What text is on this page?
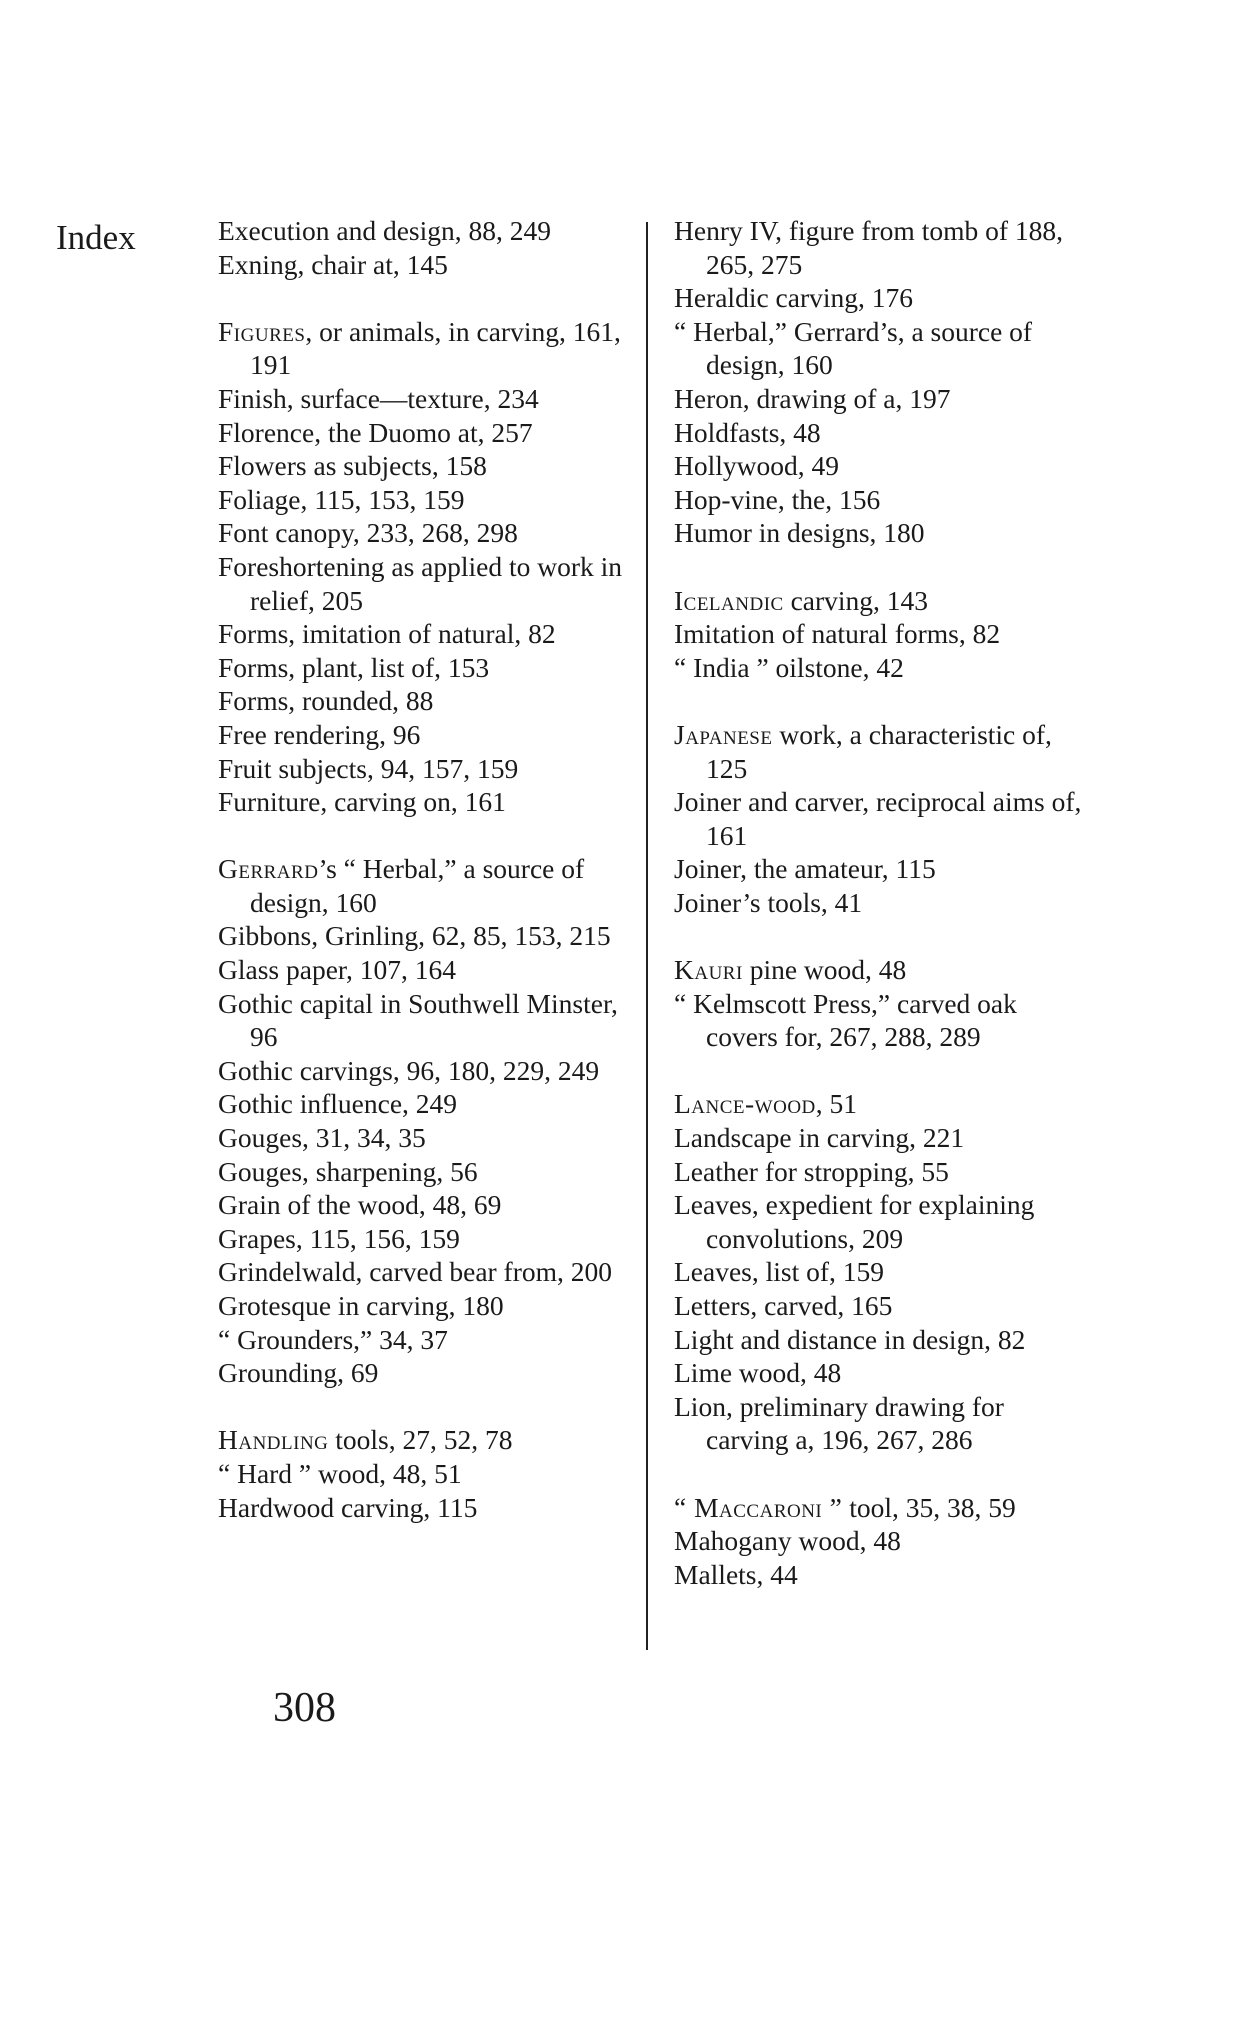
Index	Execution and design, 88, 249

Exning, chair at, 145

Figures, or animals, in carving, 161, 191

Finish, surface—texture, 234

Florence, the Duomo at, 257

Flowers as subjects, 158

Foliage, 115, 153, 159

Font canopy, 233, 268, 298

Foreshortening as applied to work in relief, 205

Forms, imitation of natural, 82

Forms, plant, list of, 153

Forms, rounded, 88

Free rendering, 96

Fruit subjects, 94, 157, 159

Furniture, carving on, 161

Gerrard’s “ Herbal,” a source of design, 160

Gibbons, Grinling, 62, 85, 153, 215

Glass paper, 107, 164

Gothic capital in Southwell Minster, 96

Gothic carvings, 96, 180, 229, 249

Gothic influence, 249

Gouges, 31, 34, 35

Gouges, sharpening, 56

Grain of the wood, 48, 69

Grapes, 115, 156, 159

Grindelwald, carved bear from, 200

Grotesque in carving, 180

“ Grounders,” 34, 37

Grounding, 69

Handling tools, 27, 52, 78

“ Hard ” wood, 48, 51

Hardwood carving, 115

Henry IV, figure from tomb of 188, 265, 275

Heraldic carving, 176

“ Herbal,” Gerrard’s, a source of design, 160

Heron, drawing of a, 197

Holdfasts, 48

Hollywood, 49

Hop-vine, the, 156

Humor in designs, 180

Icelandic carving, 143

Imitation of natural forms, 82

“ India ” oilstone, 42

Japanese work, a characteristic of, 125

Joiner and carver, reciprocal aims of, 161

Joiner, the amateur, 115

Joiner’s tools, 41

Kauri pine wood, 48

“ Kelmscott Press,” carved oak covers for, 267, 288, 289

Lance-wood, 51

Landscape in carving, 221

Leather for stropping, 55

Leaves, expedient for explaining convolutions, 209

Leaves, list of, 159

Letters, carved, 165

Light and distance in design, 82

Lime wood, 48

Lion, preliminary drawing for carving a, 196, 267, 286

“ Maccaroni ” tool, 35, 38, 59

Mahogany wood, 48

Mallets, 44

308
